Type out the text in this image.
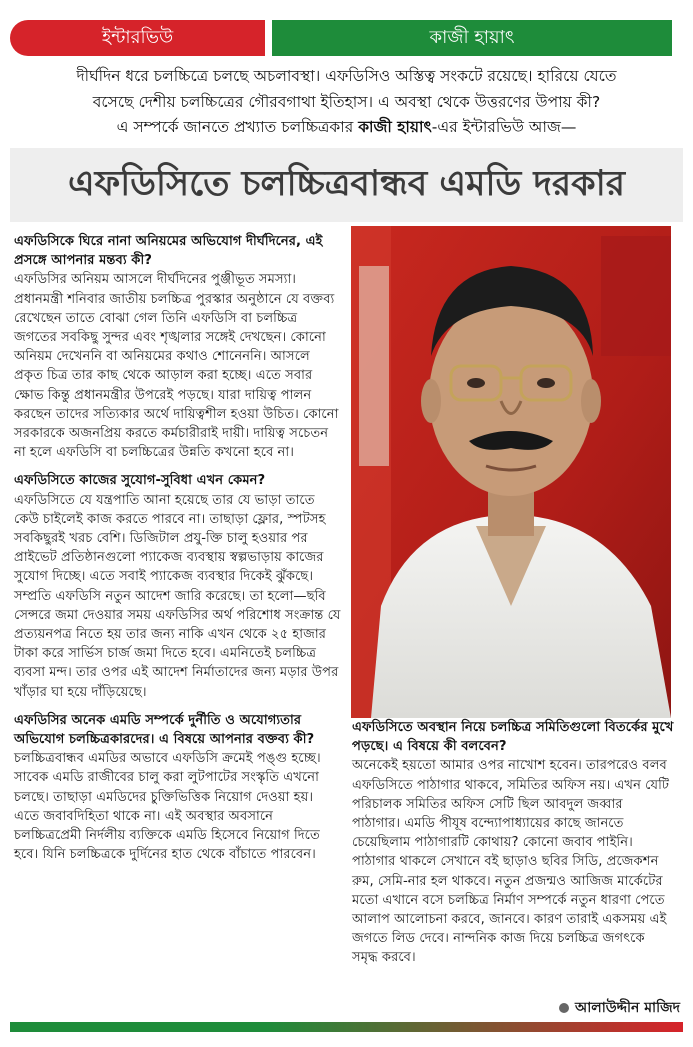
ইন্টারভিউ	কাজী হায়াৎ
দীর্ঘদিন ধরে চলচ্চিত্রে চলছে অচলাবস্থা। এফডিসিও অস্তিত্ব সংকটে রয়েছে। হারিয়ে যেতে
বসেছে দেশীয় চলচ্চিত্রের গৌরবগাথা ইতিহাস। এ অবস্থা থেকে উত্তরণের উপায় কী?
এ সম্পর্কে জানতে প্রখ্যাত চলচ্চিত্রকার কাজী হায়াৎ-এর ইন্টারভিউ আজ—
এফডিসিতে চলচ্চিত্রবান্ধব এমডি দরকার

এফডিসিকে ঘিরে নানা অনিয়মের অভিযোগ দীর্ঘদিনের, এই প্রসঙ্গে আপনার মন্তব্য কী?

এফডিসির অনিয়ম আসলে দীর্ঘদিনের পুঞ্জীভূত সমস্যা। প্রধানমন্ত্রী শনিবার জাতীয় চলচ্চিত্র পুরস্কার অনুষ্ঠানে যে বক্তব্য রেখেছেন তাতে বোঝা গেল তিনি এফডিসি বা চলচ্চিত্র জগতের সবকিছু সুন্দর এবং শৃঙ্খলার সঙ্গেই দেখছেন। কোনো অনিয়ম দেখেননি বা অনিয়মের কথাও শোনেননি। আসলে প্রকৃত চিত্র তার কাছ থেকে আড়াল করা হচ্ছে। এতে সবার ক্ষোভ কিন্তু প্রধানমন্ত্রীর উপরেই পড়ছে। যারা দায়িত্ব পালন করছেন তাদের সত্যিকার অর্থে দায়িত্বশীল হওয়া উচিত। কোনো সরকারকে অজনপ্রিয় করতে কর্মচারীরাই দায়ী। দায়িত্ব সচেতন না হলে এফডিসি বা চলচ্চিত্রের উন্নতি কখনো হবে না।

এফডিসিতে কাজের সুযোগ-সুবিধা এখন কেমন?

এফডিসিতে যে যন্ত্রপাতি আনা হয়েছে তার যে ভাড়া তাতে কেউ চাইলেই কাজ করতে পারবে না। তাছাড়া ফ্লোর, স্পটসহ সবকিছুরই খরচ বেশি। ডিজিটাল প্রযু-ক্তি চালু হওয়ার পর প্রাইভেট প্রতিষ্ঠানগুলো প্যাকেজ ব্যবস্থায় স্বল্পভাড়ায় কাজের সুযোগ দিচ্ছে। এতে সবাই প্যাকেজ ব্যবস্থার দিকেই ঝুঁকছে।

সম্প্রতি এফডিসি নতুন আদেশ জারি করেছে। তা হলো—ছবি সেন্সরে জমা দেওয়ার সময় এফডিসির অর্থ পরিশোধ সংক্রান্ত যে প্রত্যয়নপত্র নিতে হয় তার জন্য নাকি এখন থেকে ২৫ হাজার টাকা করে সার্ভিস চার্জ জমা দিতে হবে। এমনিতেই চলচ্চিত্র ব্যবসা মন্দ। তার ওপর এই আদেশ নির্মাতাদের জন্য মড়ার উপর খাঁড়ার ঘা হয়ে দাঁড়িয়েছে।

এফডিসির অনেক এমডি সম্পর্কে দুর্নীতি ও অযোগ্যতার অভিযোগ চলচ্চিত্রকারদের। এ বিষয়ে আপনার বক্তব্য কী?

চলচ্চিত্রবান্ধব এমডির অভাবে এফডিসি ক্রমেই পঙ্গু হচ্ছে। সাবেক এমডি রাজীবের চালু করা লুটপাটের সংস্কৃতি এখনো চলছে। তাছাড়া এমডিদের চুক্তিভিত্তিক নিয়োগ দেওয়া হয়। এতে জবাবদিহিতা থাকে না। এই অবস্থার অবসানে চলচ্চিত্রপ্রেমী নির্দলীয় ব্যক্তিকে এমডি হিসেবে নিয়োগ দিতে হবে। যিনি চলচ্চিত্রকে দুর্দিনের হাত থেকে বাঁচাতে পারবেন।

এফডিসিতে অবস্থান নিয়ে চলচ্চিত্র সমিতিগুলো বিতর্কের মুখে পড়ছে। এ বিষয়ে কী বলবেন?

অনেকেই হয়তো আমার ওপর নাখোশ হবেন। তারপরেও বলব এফডিসিতে পাঠাগার থাকবে, সমিতির অফিস নয়। এখন যেটি পরিচালক সমিতির অফিস সেটি ছিল আবদুল জব্বার পাঠাগার। এমডি পীযূষ বন্দ্যোপাধ্যায়ের কাছে জানতে চেয়েছিলাম পাঠাগারটি কোথায়? কোনো জবাব পাইনি। পাঠাগার থাকলে সেখানে বই ছাড়াও ছবির সিডি, প্রজেকশন রুম, সেমি-নার হল থাকবে। নতুন প্রজন্মও আজিজ মার্কেটের মতো এখানে বসে চলচ্চিত্র নির্মাণ সম্পর্কে নতুন ধারণা পেতে আলাপ আলোচনা করবে, জানবে। কারণ তারাই একসময় এই জগতে লিড দেবে। নান্দনিক কাজ দিয়ে চলচ্চিত্র জগৎকে সমৃদ্ধ করবে।

আলাউদ্দীন মাজিদ
